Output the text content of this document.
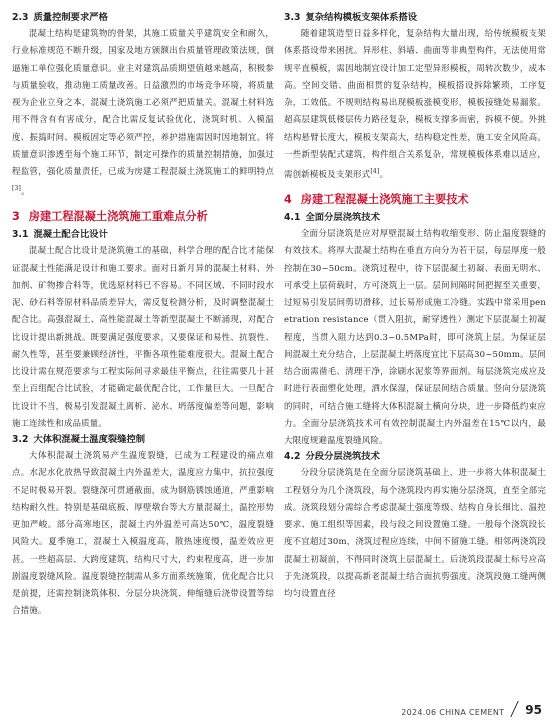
2.3 质量控制要求严格

混凝土结构是建筑物的骨架，其施工质量关乎建筑安全和耐久，行业标准规范不断升级，国家及地方颁额出台质量管理政策法规，倒逼施工单位强化质量意识。业主对建筑品质期望值越来越高，积极参与质量验收，推动施工质量改善。日益激烈的市场竞争环境，将质量视为企业立身之本，混凝土浇筑施工必须严把质量关。混凝土材料选用不得含有有害成分，配合比需反复试验优化，浇筑时机、入模温度、振捣时间、模板固定等必须严控，养护措施需因时因地制宜。将质量意识渗透至每个施工环节，制定可操作的质量控制措施，加强过程监管，强化质量责任，已成为房建工程混凝土浇筑施工的鲜明特点[3]。

3 房建工程混凝土浇筑施工重难点分析
3.1 混凝土配合比设计

混凝土配合比设计是浇筑施工的基础，科学合理的配合比才能保证混凝土性能满足设计和施工要求。面对日新月异的混凝土材料、外加剂、矿物掺合料等，优选原材料已不容易。不同区域、不同时段水泥、砂石料等原材料品质差异大，需反复检测分析，及时调整混凝土配合比。高强混凝土、高性能混凝土等新型混凝土不断涌现，对配合比设计提出新挑战。既要满足强度要求，又要保证和易性、抗裂性、耐久性等，甚至要兼顾经济性，平衡各项性能难度很大。混凝土配合比设计需在规范要求与工程实际间寻求最佳平衡点，往往需要几十甚至上百组配合比试验，才能确定最优配合比，工作量巨大。一旦配合比设计不当，极易引发混凝土离析、泌水、坍落度偏差等问题，影响施工连续性和成品质量。

3.2 大体积混凝土温度裂缝控制

大体积混凝土浇筑易产生温度裂缝，已成为工程建设的痛点难点。水泥水化放热导致混凝土内外温差大，温度应力集中，抗拉强度不足时极易开裂。裂缝深可贯通截面，成为钢筋锈蚀通道，严重影响结构耐久性。特别是基础底板、厚壁墩台等大方量混凝土，温控形势更加严峻。部分高寒地区，混凝土内外温差可高达50℃，温度裂缝风险大。夏季施工，混凝土入模温度高，散热速度慢，温差效应更甚。一些超高层、大跨度建筑，结构尺寸大，约束程度高，进一步加剧温度裂缝风险。温度裂缝控制需从多方面系统施策，优化配合比只是前提，还需控制浇筑体积、分层分块浇筑、伸缩缝后浇带设置等综合措施。

3.3 复杂结构模板支架体系搭设

随着建筑造型日益多样化，复杂结构大量出现，给传统模板支架体系搭设带来困扰。异形柱、斜墙、曲面等非典型构件，无法使用常规平直模板，需因地制宜设计加工定型异形模板，周转次数少，成本高。空间交错、曲面相贯的复杂结构，模板搭设拆除繁琐，工序复杂，工效低。不规则结构易出现模板涨模变形，模板接缝处易漏浆。超高层建筑低楼层传力路径复杂，模板支撑多而密，拆模不便。外挑结构悬臂长度大，模板支架高大，结构稳定性差，施工安全风险高。一些新型装配式建筑，构件组合关系复杂，常规模板体系难以适应，需创新模板及支架形式[4]。

4 房建工程混凝土浇筑施工主要技术
4.1 全面分层浇筑技术

全面分层浇筑是应对厚壁混凝土结构收缩变形、防止温度裂缝的有效技术。将厚大混凝土结构在垂直方向分为若干层，每层厚度一般控制在30~50cm。浇筑过程中，待下层混凝土初凝、表面无明水、可承受上层荷载时，方可浇筑上一层。层间间隔时间把握至关重要，过短易引发层间剪切滑移，过长易形成施工冷缝。实践中常采用penetration resistance（贯入阻抗，耐穿透性）测定下层混凝土初凝程度，当贯入阻力达到0.3~0.5MPa时，即可浇筑上层。为保证层间混凝土充分结合，上层混凝土坍落度宜比下层高30~50mm。层间结合面需凿毛、清理干净，涂刷水泥浆等界面剂。每层浇筑完成应及时进行表面塑化处理，洒水保湿，保证层间结合质量。竖向分层浇筑的同时，可结合施工缝将大体积混凝土横向分块，进一步降低约束应力。全面分层浇筑技术可有效控制混凝土内外温差在15℃以内，最大限度规避温度裂缝风险。

4.2 分段分层浇筑技术

分段分层浇筑是在全面分层浇筑基础上，进一步将大体积混凝土工程划分为几个浇筑段，每个浇筑段内再实施分层浇筑，直至全部完成。浇筑段划分需综合考虑混凝土强度等级、结构自身长细比、温控要求、施工组织等因素，段与段之间设置施工缝。一般每个浇筑段长度不宜超过30m，浇筑过程应连续，中间不留施工缝。相邻两浇筑段混凝土初凝前，不得同时浇筑上层混凝土。后浇筑段混凝土标号应高于先浇筑段，以提高新老混凝土结合面抗剪强度。浇筑段施工缝两侧均匀设置直径

2024.06 CHINA CEMENT 95
